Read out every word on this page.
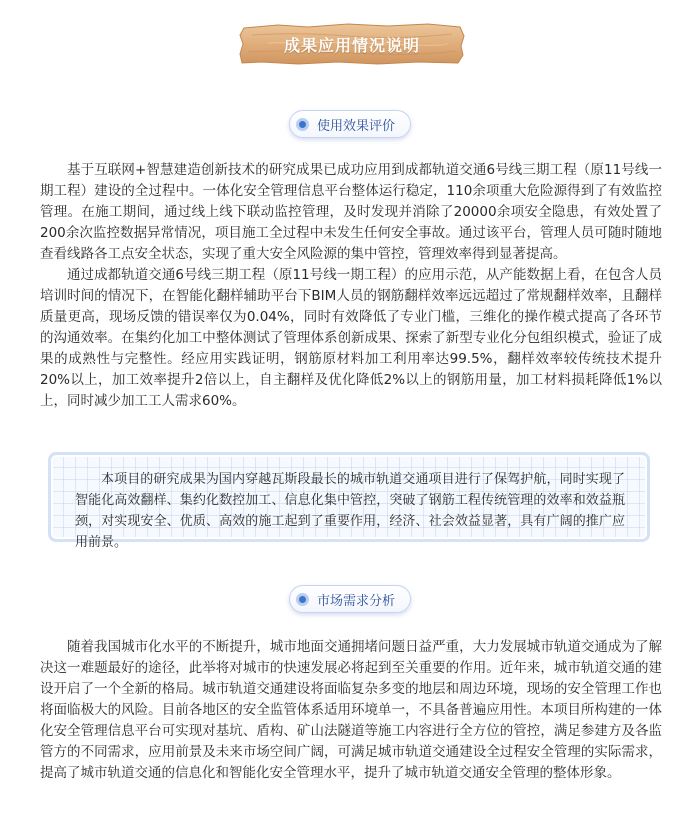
成果应用情况说明
使用效果评价

基于互联网+智慧建造创新技术的研究成果已成功应用到成都轨道交通6号线三期工程（原11号线一期工程）建设的全过程中。一体化安全管理信息平台整体运行稳定，110余项重大危险源得到了有效监控管理。在施工期间，通过线上线下联动监控管理，及时发现并消除了20000余项安全隐患，有效处置了200余次监控数据异常情况，项目施工全过程中未发生任何安全事故。通过该平台，管理人员可随时随地查看线路各工点安全状态，实现了重大安全风险源的集中管控，管理效率得到显著提高。

通过成都轨道交通6号线三期工程（原11号线一期工程）的应用示范，从产能数据上看，在包含人员培训时间的情况下，在智能化翻样辅助平台下BIM人员的钢筋翻样效率远远超过了常规翻样效率，且翻样质量更高，现场反馈的错误率仅为0.04%，同时有效降低了专业门槛，三维化的操作模式提高了各环节的沟通效率。在集约化加工中整体测试了管理体系创新成果、探索了新型专业化分包组织模式，验证了成果的成熟性与完整性。经应用实践证明，钢筋原材料加工利用率达99.5%，翻样效率较传统技术提升20%以上，加工效率提升2倍以上，自主翻样及优化降低2%以上的钢筋用量，加工材料损耗降低1%以上，同时减少加工工人需求60%。

本项目的研究成果为国内穿越瓦斯段最长的城市轨道交通项目进行了保驾护航，同时实现了智能化高效翻样、集约化数控加工、信息化集中管控，突破了钢筋工程传统管理的效率和效益瓶颈，对实现安全、优质、高效的施工起到了重要作用，经济、社会效益显著，具有广阔的推广应用前景。

市场需求分析

随着我国城市化水平的不断提升，城市地面交通拥堵问题日益严重，大力发展城市轨道交通成为了解决这一难题最好的途径，此举将对城市的快速发展必将起到至关重要的作用。近年来，城市轨道交通的建设开启了一个全新的格局。城市轨道交通建设将面临复杂多变的地层和周边环境，现场的安全管理工作也将面临极大的风险。目前各地区的安全监管体系适用环境单一，不具备普遍应用性。本项目所构建的一体化安全管理信息平台可实现对基坑、盾构、矿山法隧道等施工内容进行全方位的管控，满足参建方及各监管方的不同需求，应用前景及未来市场空间广阔，可满足城市轨道交通建设全过程安全管理的实际需求，提高了城市轨道交通的信息化和智能化安全管理水平，提升了城市轨道交通安全管理的整体形象。
